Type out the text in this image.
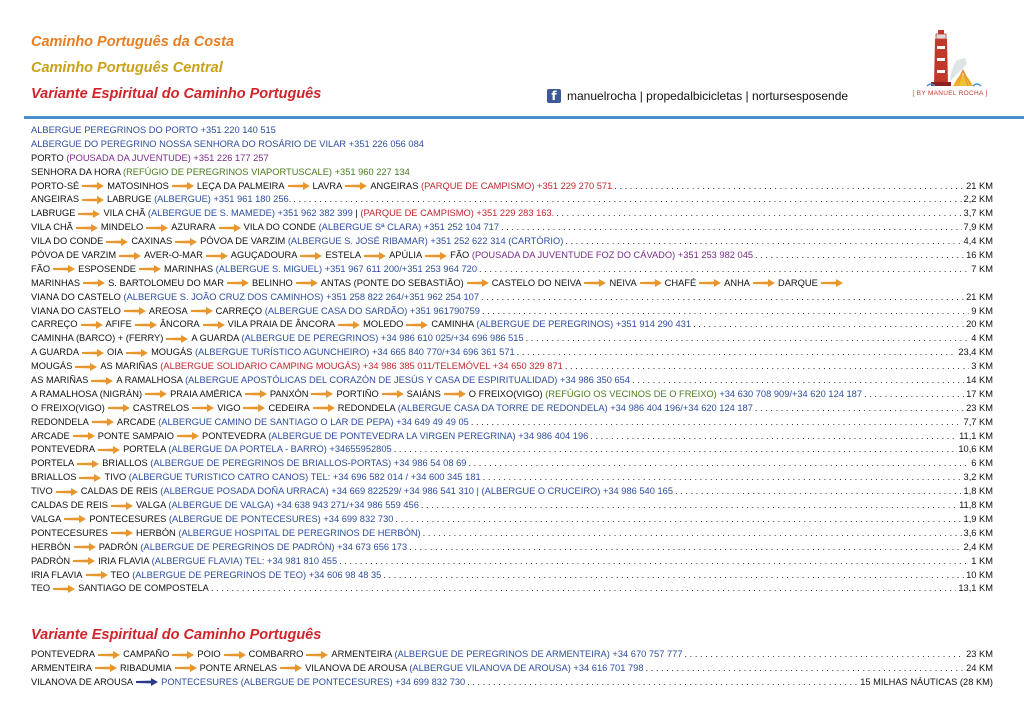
Caminho Português da Costa
Caminho Português Central
Variante Espiritual do Caminho Português	f manuelrocha | propedalbicicletas | nortursesposende	[ BY MANUEL ROCHA ]
ALBERGUE PEREGRINOS DO PORTO +351 220 140 515
ALBERGUE DO PEREGRINO NOSSA SENHORA DO ROSÁRIO DE VILAR +351 226 056 084
PORTO (POUSADA DA JUVENTUDE) +351 226 177 257
SENHORA DA HORA (REFÚGIO DE PEREGRINOS VIAPORTUSCALE) +351 960 227 134
PORTO-SÉ	MATOSINHOS	LEÇA DA PALMEIRA	LAVRA	ANGEIRAS (PARQUE DE CAMPISMO) +351 229 270 571 . . .	21 KM
ANGEIRAS	LABRUGE (ALBERGUE) +351 961 180 256. . . .	2,2 KM
LABRUGE	VILA CHÃ (ALBERGUE DE S. MAMEDE) +351 962 382 399 | (PARQUE DE CAMPISMO) +351 229 283 163. . . .	3,7 KM
VILA CHÃ	MINDELO	AZURARA	VILA DO CONDE (ALBERGUE Sª CLARA) +351 252 104 717 . . .	7,9 KM
VILA DO CONDE	CAXINAS	PÓVOA DE VARZIM (ALBERGUE S. JOSÉ RIBAMAR) +351 252 622 314 (CARTÓRIO) . . .	4,4 KM
PÓVOA DE VARZIM	AVER-O-MAR	AGUÇADOURA	ESTELA	APÚLIA	FÃO (POUSADA DA JUVENTUDE FOZ DO CÁVADO) +351 253 982 045 . . .	16 KM
FÃO	ESPOSENDE	MARINHAS (ALBERGUE S. MIGUEL) +351 967 611 200/+351 253 964 720 . . .	7 KM
MARINHAS	S. BARTOLOMEU DO MAR	BELINHO	ANTAS (PONTE DO SEBASTIÃO)	CASTELO DO NEIVA	NEIVA	CHAFÉ	ANHA	DARQUE
VIANA DO CASTELO (ALBERGUE S. JOÃO CRUZ DOS CAMINHOS) +351 258 822 264/+351 962 254 107 . . .	21 KM
VIANA DO CASTELO	AREOSA	CARREÇO (ALBERGUE CASA DO SARDÃO) +351 961790759 . . .	9 KM
CARREÇO	AFIFE	ÂNCORA	VILA PRAIA DE ÂNCORA	MOLEDO	CAMINHA (ALBERGUE DE PEREGRINOS) +351 914 290 431 . . .	20 KM
CAMINHA (BARCO) + (FERRY)	A GUARDA (ALBERGUE DE PEREGRINOS) +34 986 610 025/+34 696 986 515 . . .	4 KM
A GUARDA	OIA	MOUGÁS (ALBERGUE TURÍSTICO AGUNCHEIRO) +34 665 840 770/+34 696 361 571 . . .	23,4 KM
MOUGÁS	AS MARIÑAS (ALBERGUE SOLIDARIO CAMPING MOUGÁS) +34 986 385 011/TELEMÓVEL +34 650 329 871 . . .	3 KM
AS MARIÑAS	A RAMALHOSA (ALBERGUE APOSTÓLICAS DEL CORAZÓN DE JESÚS Y CASA DE ESPIRITUALIDAD) +34 986 350 654 . . .	14 KM
A RAMALHOSA (NIGRÁN)	PRAIA AMÉRICA	PANXÓN	PORTIÑO	SAIÁNS	O FREIXO(VIGO) (REFÚGIO OS VECINOS DE O FREIXO) +34 630 708 909/+34 620 124 187 . . .	17 KM
O FREIXO(VIGO)	CASTRELOS	VIGO	CEDEIRA	REDONDELA (ALBERGUE CASA DA TORRE DE REDONDELA) +34 986 404 196/+34 620 124 187 . . .	23 KM
REDONDELA	ARCADE (ALBERGUE CAMINO DE SANTIAGO O LAR DE PEPA) +34 649 49 49 05 . . .	7,7 KM
ARCADE	PONTE SAMPAIO	PONTEVEDRA (ALBERGUE DE PONTEVEDRA LA VIRGEN PEREGRINA) +34 986 404 196 . . .	11,1 KM
PONTEVEDRA	PORTELA (ALBERGUE DA PORTELA - BARRO) +34655952805 . . .	10,6 KM
PORTELA	BRIALLOS (ALBERGUE DE PEREGRINOS DE BRIALLOS-PORTAS) +34 986 54 08 69 . . .	6 KM
BRIALLOS	TIVO (ALBERGUE TURISTICO CATRO CANOS) TEL: +34 696 582 014 / +34 600 345 181 . . .	3,2 KM
TIVO	CALDAS DE REIS (ALBERGUE POSADA DOÑA URRACA) +34 669 822529/ +34 986 541 310 | (ALBERGUE O CRUCEIRO) +34 986 540 165 . . .	1,8 KM
CALDAS DE REIS	VALGA (ALBERGUE DE VALGA) +34 638 943 271/+34 986 559 456 . . .	11,8 KM
VALGA	PONTECESURES (ALBERGUE DE PONTECESURES) +34 699 832 730 . . .	1,9 KM
PONTECESURES	HERBÓN (ALBERGUE HOSPITAL DE PEREGRINOS DE HERBÓN) . . .	3,6 KM
HERBÓN	PADRÓN (ALBERGUE DE PEREGRINOS DE PADRÓN) +34 673 656 173 . . .	2,4 KM
PADRÓN	IRIA FLAVIA (ALBERGUE FLAVIA) TEL: +34 981 810 455 . . .	1 KM
IRIA FLAVIA	TEO (ALBERGUE DE PEREGRINOS DE TEO) +34 606 98 48 35 . . .	10 KM
TEO	SANTIAGO DE COMPOSTELA . . .	13,1 KM
Variante Espiritual do Caminho Português
PONTEVEDRA	CAMPAÑO	POIO	COMBARRO	ARMENTEIRA (ALBERGUE DE PEREGRINOS DE ARMENTEIRA) +34 670 757 777 . . .	23 KM
ARMENTEIRA	RIBADUMIA	PONTE ARNELAS	VILANOVA DE AROUSA (ALBERGUE VILANOVA DE AROUSA) +34 616 701 798 . . .	24 KM
VILANOVA DE AROUSA	PONTECESURES (ALBERGUE DE PONTECESURES) +34 699 832 730 . . .	15 MILHAS NÁUTICAS (28 KM)
